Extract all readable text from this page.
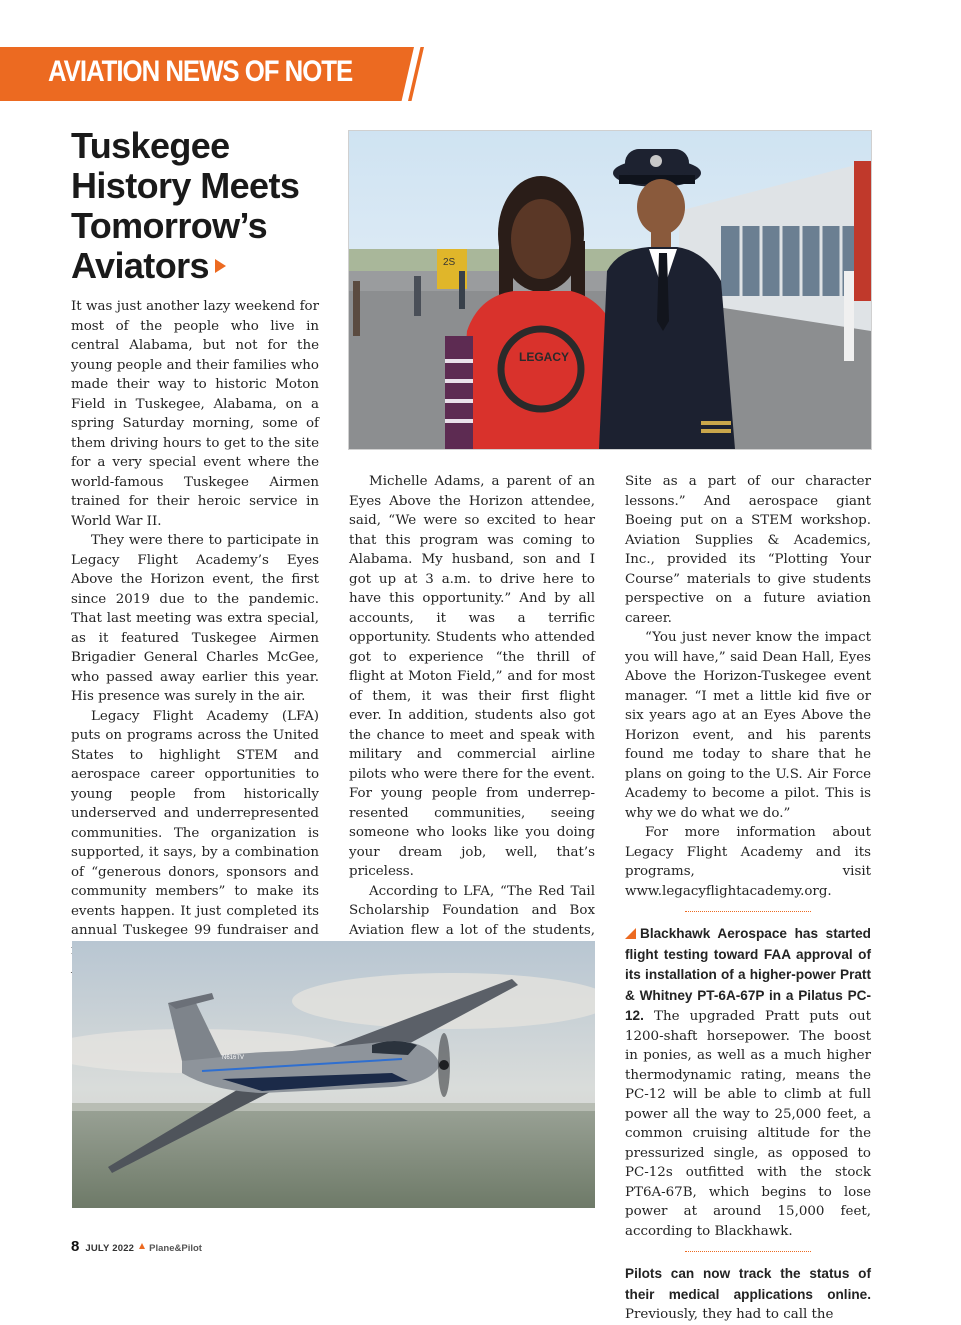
AVIATION NEWS OF NOTE
Tuskegee
History Meets
Tomorrow’s
Aviators	2S
LEGACY

It was just another lazy weekend for most of the people who live in central Alabama, but not for the young people and their families who made their way to historic Moton Field in Tuskegee, Alabama, on a spring Saturday morning, some of them driving hours to get to the site for a very special event where the world-famous Tuskegee Airmen trained for their heroic service in World War II.

They were there to participate in Legacy Flight Academy’s Eyes Above the Horizon event, the first since 2019 due to the pandemic. That last meeting was extra special, as it featured Tuskegee Airmen Brigadier General Charles McGee, who passed away earlier this year. His presence was surely in the air.

Legacy Flight Academy (LFA) puts on programs across the United States to highlight STEM and aerospace career opportunities to young people from historically underserved and underrepresented communities. The organization is supported, it says, by a combination of “generous donors, sponsors and community members” to make its events happen. It just completed its annual Tuskegee 99 fundraiser and

Michelle Adams, a parent of an Eyes Above the Horizon attendee, said, “We were so excited to hear that this program was coming to Alabama. My husband, son and I got up at 3 a.m. to drive here to have this opportunity.” And by all accounts, it was a terrific opportunity. Students who attended got to experience “the thrill of flight at Moton Field,” and for most of them, it was their first flight ever. In addition, students also got the chance to meet and speak with military and commercial airline pilots who were there for the event. For young people from underrepresented communities, seeing someone who looks like you doing your dream job, well, that’s priceless.

According to LFA, “The Red Tail Scholarship Foundation and Box Aviation flew a lot of the students,

Site as a part of our character lessons.” And aerospace giant Boeing put on a STEM workshop. Aviation Supplies & Academics, Inc., provided its “Plotting Your Course” materials to give students perspective on a future aviation career.

“You just never know the impact you will have,” said Dean Hall, Eyes Above the Horizon-Tuskegee event manager. “I met a little kid five or six years ago at an Eyes Above the Horizon event, and his parents found me today to share that he plans on going to the U.S. Air Force Academy to become a pilot. This is why we do what we do.”

For more information about Legacy Flight Academy and its programs, visit www.legacyflightacademy.org.

Blackhawk Aerospace has started flight testing toward FAA approval of its installation of a higher-power Pratt & Whitney PT-6A-67P in a Pilatus PC-12. The upgraded Pratt puts out 1200-shaft horsepower. The boost in ponies, as well as a much higher thermodynamic rating, means the PC-12 will be able to climb at full power all the way to 25,000 feet, a common cruising altitude for the pressurized single, as opposed to PC-12s outfitted with the stock PT6A-67B, which begins to lose power at around 15,000 feet, according to Blackhawk.

Pilots can now track the status of their medical applications online. Previously, they had to call the

N616TV
8 JULY 2022 Plane&Pilot
